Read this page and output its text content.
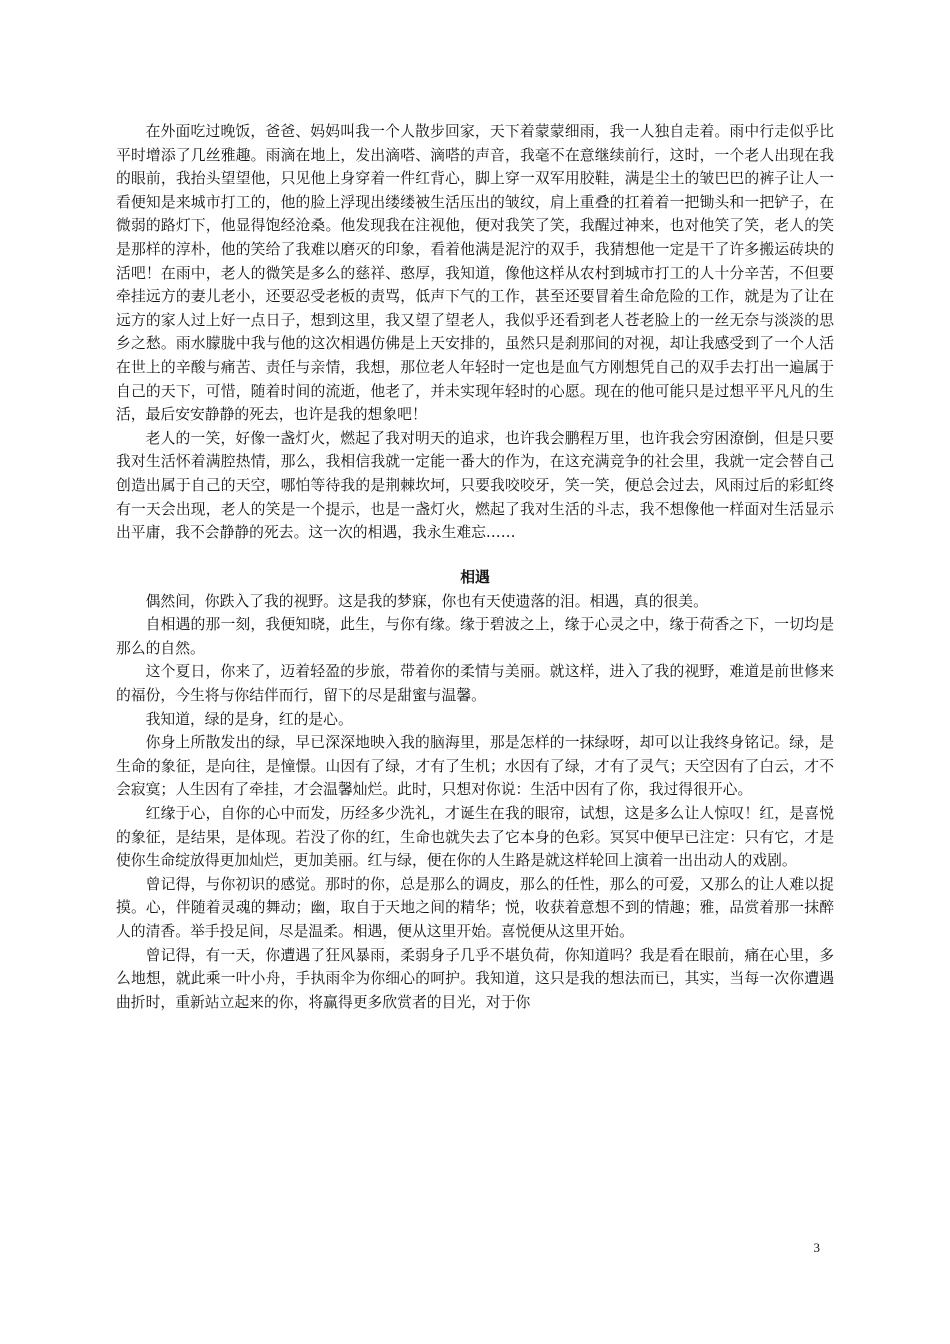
在外面吃过晚饭，爸爸、妈妈叫我一个人散步回家，天下着蒙蒙细雨，我一人独自走着。雨中行走似乎比平时增添了几丝雅趣。雨滴在地上，发出滴嗒、滴嗒的声音，我毫不在意继续前行，这时，一个老人出现在我的眼前，我抬头望望他，只见他上身穿着一件红背心，脚上穿一双军用胶鞋，满是尘土的皱巴巴的裤子让人一看便知是来城市打工的，他的脸上浮现出缕缕被生活压出的皱纹，肩上重叠的扛着着一把锄头和一把铲子，在微弱的路灯下，他显得饱经沧桑。他发现我在注视他，便对我笑了笑，我醒过神来，也对他笑了笑，老人的笑是那样的淳朴，他的笑给了我难以磨灭的印象，看着他满是泥泞的双手，我猜想他一定是干了许多搬运砖块的活吧！在雨中，老人的微笑是多么的慈祥、憨厚，我知道，像他这样从农村到城市打工的人十分辛苦，不但要牵挂远方的妻儿老小，还要忍受老板的责骂，低声下气的工作，甚至还要冒着生命危险的工作，就是为了让在远方的家人过上好一点日子，想到这里，我又望了望老人，我似乎还看到老人苍老脸上的一丝无奈与淡淡的思乡之愁。雨水朦胧中我与他的这次相遇仿佛是上天安排的，虽然只是刹那间的对视，却让我感受到了一个人活在世上的辛酸与痛苦、责任与亲情，我想，那位老人年轻时一定也是血气方刚想凭自己的双手去打出一遍属于自己的天下，可惜，随着时间的流逝，他老了，并未实现年轻时的心愿。现在的他可能只是过想平平凡凡的生活，最后安安静静的死去，也许是我的想象吧！

老人的一笑，好像一盏灯火，燃起了我对明天的追求，也许我会鹏程万里，也许我会穷困潦倒，但是只要我对生活怀着满腔热情，那么，我相信我就一定能一番大的作为，在这充满竞争的社会里，我就一定会替自己创造出属于自己的天空，哪怕等待我的是荆棘坎坷，只要我咬咬牙，笑一笑，便总会过去，风雨过后的彩虹终有一天会出现，老人的笑是一个提示，也是一盏灯火，燃起了我对生活的斗志，我不想像他一样面对生活显示出平庸，我不会静静的死去。这一次的相遇，我永生难忘……

相遇

偶然间，你跌入了我的视野。这是我的梦寐，你也有天使遗落的泪。相遇，真的很美。

自相遇的那一刻，我便知晓，此生，与你有缘。缘于碧波之上，缘于心灵之中，缘于荷香之下，一切均是那么的自然。

这个夏日，你来了，迈着轻盈的步旅，带着你的柔情与美丽。就这样，进入了我的视野，难道是前世修来的福份，今生将与你结伴而行，留下的尽是甜蜜与温馨。

我知道，绿的是身，红的是心。

你身上所散发出的绿，早已深深地映入我的脑海里，那是怎样的一抹绿呀，却可以让我终身铭记。绿，是生命的象征，是向往，是憧憬。山因有了绿，才有了生机；水因有了绿，才有了灵气；天空因有了白云，才不会寂寞；人生因有了牵挂，才会温馨灿烂。此时，只想对你说：生活中因有了你，我过得很开心。

红缘于心，自你的心中而发，历经多少洗礼，才诞生在我的眼帘，试想，这是多么让人惊叹！红，是喜悦的象征，是结果，是体现。若没了你的红，生命也就失去了它本身的色彩。冥冥中便早已注定：只有它，才是使你生命绽放得更加灿烂，更加美丽。红与绿，便在你的人生路是就这样轮回上演着一出出动人的戏剧。

曾记得，与你初识的感觉。那时的你，总是那么的调皮，那么的任性，那么的可爱，又那么的让人难以捉摸。心，伴随着灵魂的舞动；幽，取自于天地之间的精华；悦，收获着意想不到的情趣；雅，品赏着那一抹醉人的清香。举手投足间，尽是温柔。相遇，便从这里开始。喜悦便从这里开始。

曾记得，有一天，你遭遇了狂风暴雨，柔弱身子几乎不堪负荷，你知道吗？我是看在眼前，痛在心里，多么地想，就此乘一叶小舟，手执雨伞为你细心的呵护。我知道，这只是我的想法而已，其实，当每一次你遭遇曲折时，重新站立起来的你，将赢得更多欣赏者的目光，对于你

3
